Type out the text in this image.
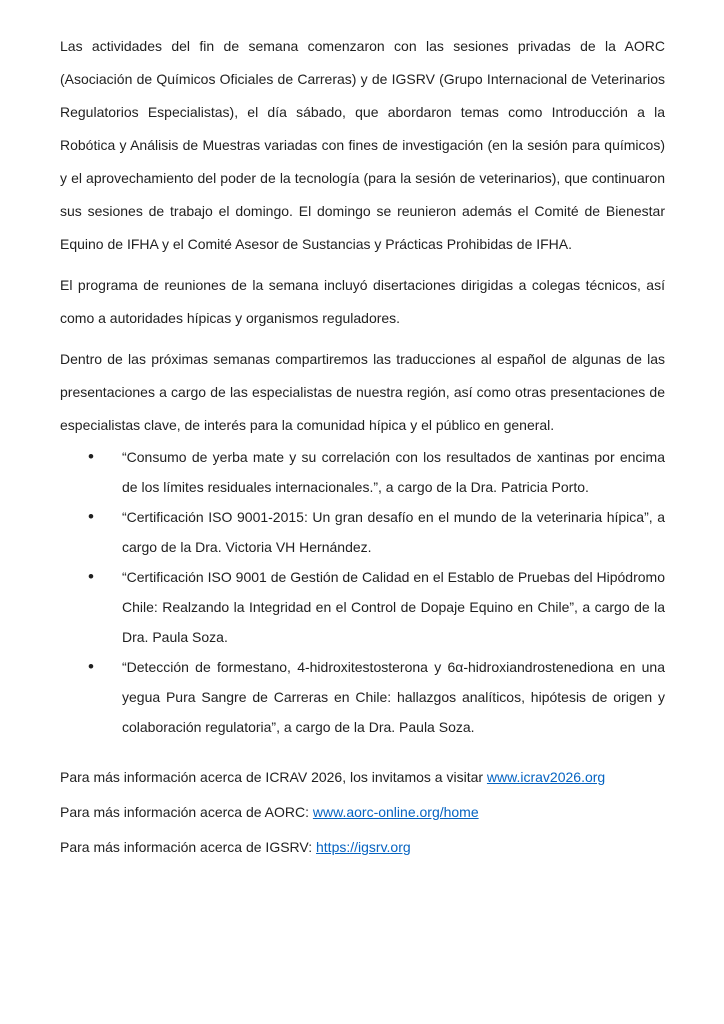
Las actividades del fin de semana comenzaron con las sesiones privadas de la AORC (Asociación de Químicos Oficiales de Carreras) y de IGSRV (Grupo Internacional de Veterinarios Regulatorios Especialistas), el día sábado, que abordaron temas como Introducción a la Robótica y Análisis de Muestras variadas con fines de investigación (en la sesión para químicos) y el aprovechamiento del poder de la tecnología (para la sesión de veterinarios), que continuaron sus sesiones de trabajo el domingo. El domingo se reunieron además el Comité de Bienestar Equino de IFHA y el Comité Asesor de Sustancias y Prácticas Prohibidas de IFHA.

El programa de reuniones de la semana incluyó disertaciones dirigidas a colegas técnicos, así como a autoridades hípicas y organismos reguladores.

Dentro de las próximas semanas compartiremos las traducciones al español de algunas de las presentaciones a cargo de las especialistas de nuestra región, así como otras presentaciones de especialistas clave, de interés para la comunidad hípica y el público en general.

• “Consumo de yerba mate y su correlación con los resultados de xantinas por encima de los límites residuales internacionales.”, a cargo de la Dra. Patricia Porto.
• “Certificación ISO 9001-2015: Un gran desafío en el mundo de la veterinaria hípica”, a cargo de la Dra. Victoria VH Hernández.
• “Certificación ISO 9001 de Gestión de Calidad en el Establo de Pruebas del Hipódromo Chile: Realzando la Integridad en el Control de Dopaje Equino en Chile”, a cargo de la Dra. Paula Soza.
• “Detección de formestano, 4-hidroxitestosterona y 6α-hidroxiandrostenediona en una yegua Pura Sangre de Carreras en Chile: hallazgos analíticos, hipótesis de origen y colaboración regulatoria”, a cargo de la Dra. Paula Soza.

Para más información acerca de ICRAV 2026, los invitamos a visitar www.icrav2026.org

Para más información acerca de AORC: www.aorc-online.org/home

Para más información acerca de IGSRV: https://igsrv.org
